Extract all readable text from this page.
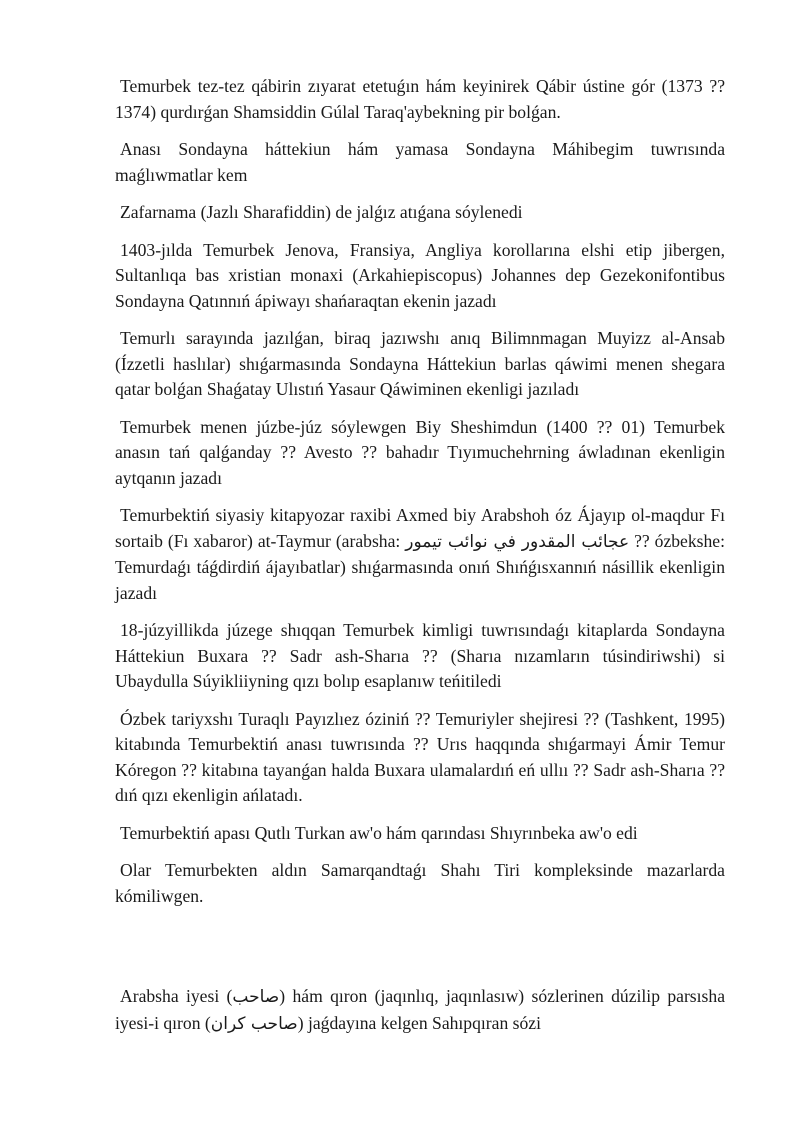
Temurbek tez-tez qábirin zıyarat etetuǵın hám keyinirek Qábir ústine gór (1373 ?? 1374) qurdırǵan Shamsiddin Gúlal Taraq'aybekning pir bolǵan.

Anası Sondayna háttekiun hám yamasa Sondayna Máhibegim tuwrısında maǵlıwmatlar kem

Zafarnama (Jazlı Sharafiddin) de jalǵız atıǵana sóylenedi

1403-jılda Temurbek Jenova, Fransiya, Angliya korollarına elshi etip jibergen, Sultanlıqa bas xristian monaxi (Arkahiepiscopus) Johannes dep Gezekonifontibus Sondayna Qatınnıń ápiwayı shańaraqtan ekenin jazadı

Temurlı sarayında jazılǵan, biraq jazıwshı anıq Bilimnmagan Muyizz al-Ansab (Ízzetli haslılar) shıǵarmasında Sondayna Háttekiun barlas qáwimi menen shegara qatar bolǵan Shaǵatay Ulıstıń Yasaur Qáwiminen ekenligi jazıladı

Temurbek menen júzbe-júz sóylewgen Biy Sheshimdun (1400 ?? 01) Temurbek anasın tań qalǵanday ?? Avesto ?? bahadır Tıyımuchehrning áwladınan ekenligin aytqanın jazadı

Temurbektiń siyasiy kitapyozar raxibi Axmed biy Arabshoh óz Ájayıp ol-maqdur Fı sortaib (Fı xabaror) at-Taymur (arabsha: عجائب المقدور في نوائب تيمور ?? ózbekshe: Temurdaǵı táǵdirdiń ájayıbatlar) shıǵarmasında onıń Shıńǵısxannıń násillik ekenligin jazadı

18-júzyillikda júzege shıqqan Temurbek kimligi tuwrısındaǵı kitaplarda Sondayna Háttekiun Buxara ?? Sadr ash-Sharıa ?? (Sharıa nızamların túsindiriwshi) si Ubaydulla Súyikliiyning qızı bolıp esaplanıw teńitiledi

Ózbek tariyxshı Turaqlı Payızlıez óziniń ?? Temuriyler shejiresi ?? (Tashkent, 1995) kitabında Temurbektiń anası tuwrısında ?? Urıs haqqında shıǵarmayi Ámir Temur Kóregon ?? kitabına tayanǵan halda Buxara ulamalardıń eń ullıı ?? Sadr ash-Sharıa ?? dıń qızı ekenligin ańlatadı.

Temurbektiń apası Qutlı Turkan aw'o hám qarındası Shıyrınbeka aw'o edi

Olar Temurbekten aldın Samarqandtaǵı Shahı Tiri kompleksinde mazarlarda kómiliwgen.

Arabsha iyesi (صاحب) hám qıron (jaqınlıq, jaqınlasıw) sózlerinen dúzilip parsısha iyesi-i qıron (صاحب كران) jaǵdayına kelgen Sahıpqıran sózi
